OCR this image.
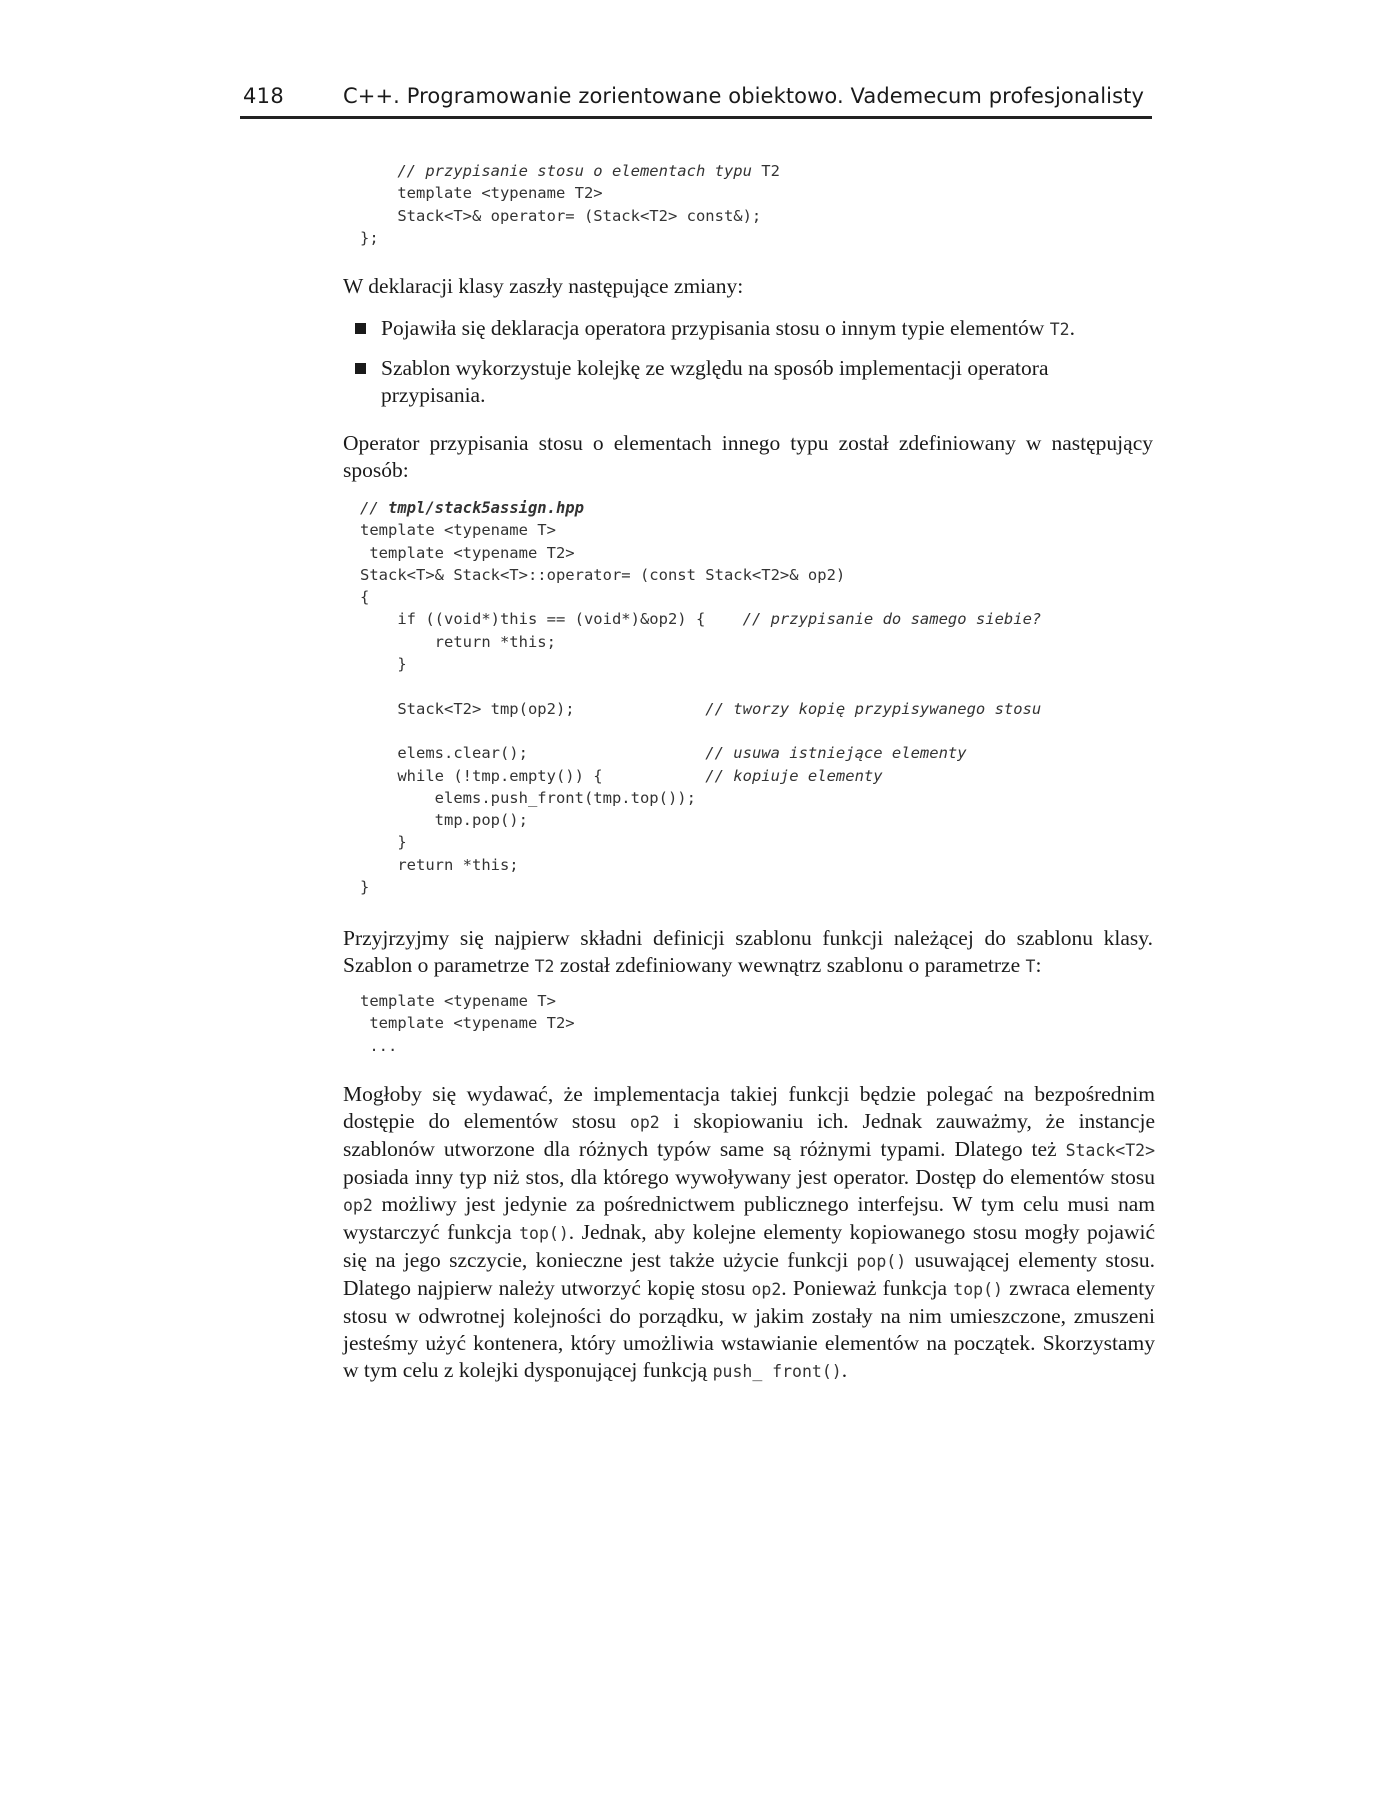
418	C++. Programowanie zorientowane obiektowo. Vademecum profesjonalisty
// przypisanie stosu o elementach typu T2
template <typename T2>
Stack<T>& operator= (Stack<T2> const&);
};

W deklaracji klasy zaszły następujące zmiany:

Pojawiła się deklaracja operatora przypisania stosu o innym typie elementów T2.
Szablon wykorzystuje kolejkę ze względu na sposób implementacji operatora przypisania.

Operator przypisania stosu o elementach innego typu został zdefiniowany w następujący sposób:

// tmpl/stack5assign.hpp
template <typename T>
template <typename T2>
Stack<T>& Stack<T>::operator= (const Stack<T2>& op2)
{
if ((void*)this == (void*)&op2) {    // przypisanie do samego siebie?
return *this;
}
Stack<T2> tmp(op2);              // tworzy kopię przypisywanego stosu
elems.clear();                   // usuwa istniejące elementy
while (!tmp.empty()) {           // kopiuje elementy
elems.push_front(tmp.top());
tmp.pop();
}
return *this;
}

Przyjrzyjmy się najpierw składni definicji szablonu funkcji należącej do szablonu klasy. Szablon o parametrze T2 został zdefiniowany wewnątrz szablonu o parametrze T:

template <typename T>
template <typename T2>
...

Mogłoby się wydawać, że implementacja takiej funkcji będzie polegać na bezpośrednim dostępie do elementów stosu op2 i skopiowaniu ich. Jednak zauważmy, że instancje szablonów utworzone dla różnych typów same są różnymi typami. Dlatego też Stack<T2> posiada inny typ niż stos, dla którego wywoływany jest operator. Dostęp do elementów stosu op2 możliwy jest jedynie za pośrednictwem publicznego interfejsu. W tym celu musi nam wystarczyć funkcja top(). Jednak, aby kolejne elementy kopiowanego stosu mogły pojawić się na jego szczycie, konieczne jest także użycie funkcji pop() usuwającej elementy stosu. Dlatego najpierw należy utworzyć kopię stosu op2. Ponieważ funkcja top() zwraca elementy stosu w odwrotnej kolejności do porządku, w jakim zostały na nim umieszczone, zmuszeni jesteśmy użyć kontenera, który umożliwia wstawianie elementów na początek. Skorzystamy w tym celu z kolejki dysponującej funkcją push_ front().
